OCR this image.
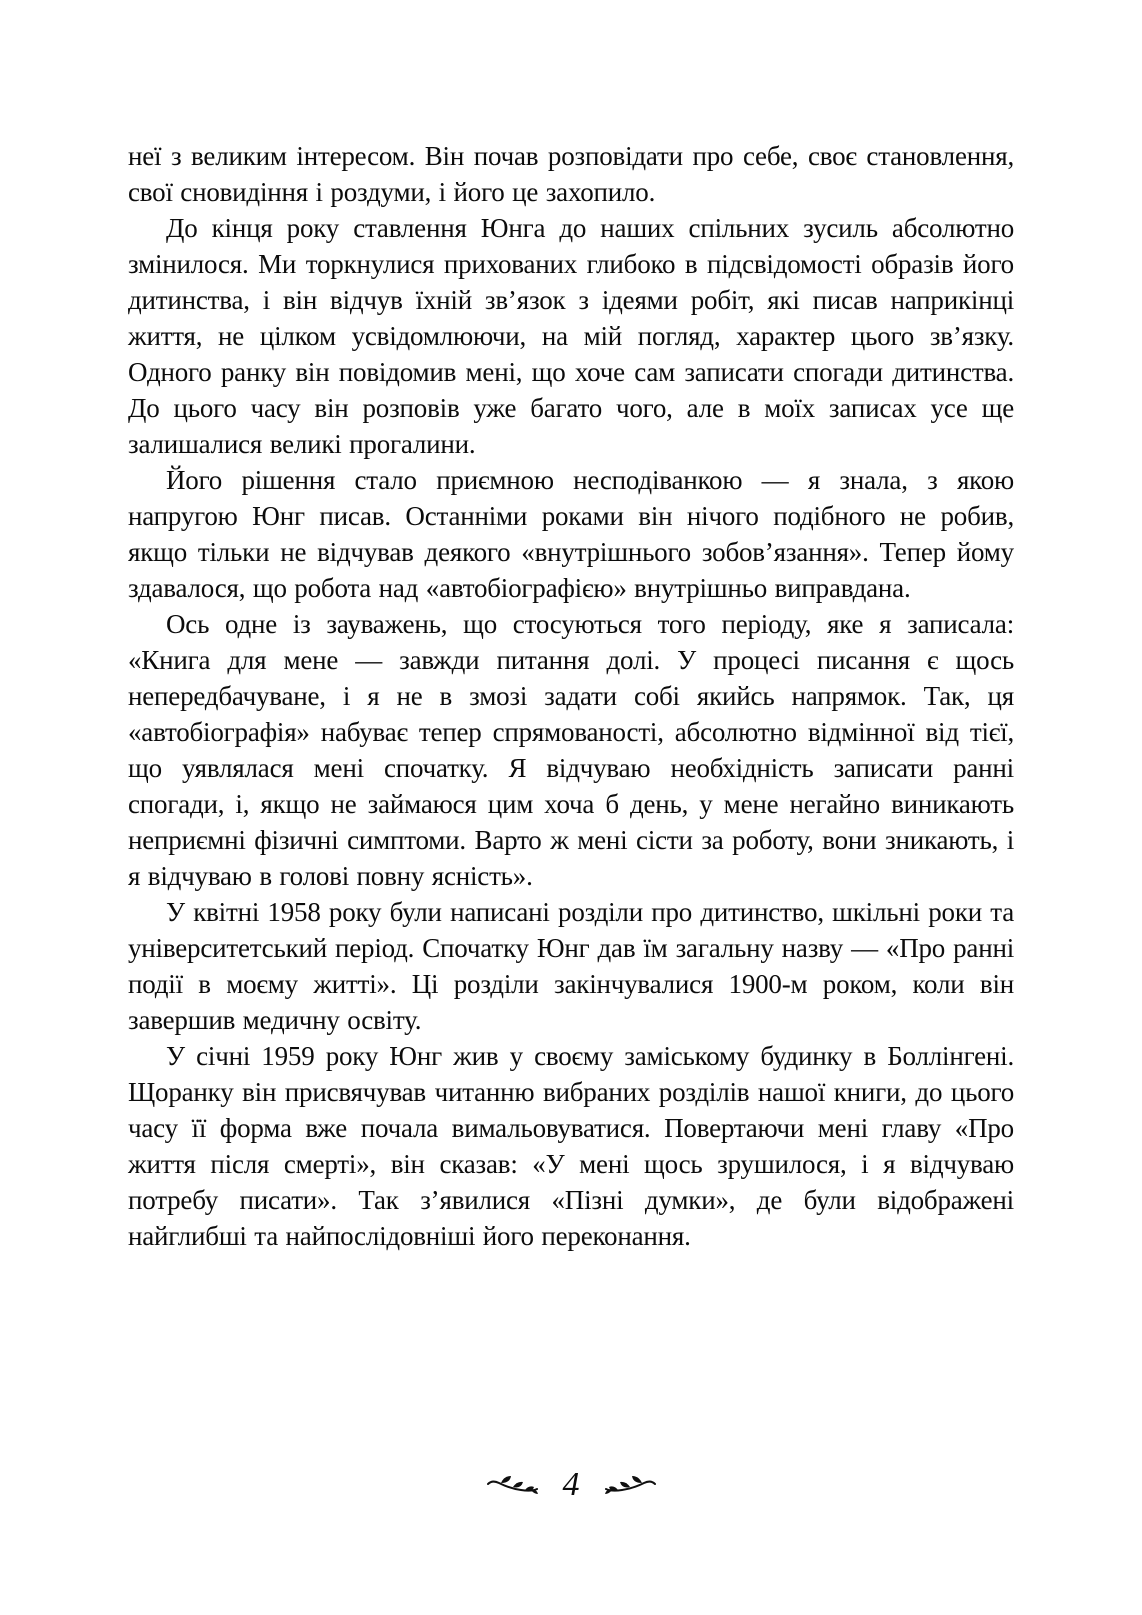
неї з великим інтересом. Він почав розповідати про себе, своє становлення, свої сновидіння і роздуми, і його це захопило.

До кінця року ставлення Юнга до наших спільних зусиль абсолютно змінилося. Ми торкнулися прихованих глибоко в підсвідомості образів його дитинства, і він відчув їхній зв’язок з ідеями робіт, які писав наприкінці життя, не цілком усвідомлюючи, на мій погляд, характер цього зв’язку. Одного ранку він повідомив мені, що хоче сам записати спогади дитинства. До цього часу він розповів уже багато чого, але в моїх записах усе ще залишалися великі прогалини.

Його рішення стало приємною несподіванкою — я знала, з якою напругою Юнг писав. Останніми роками він нічого подібного не робив, якщо тільки не відчував деякого «внутрішнього зобов’язання». Тепер йому здавалося, що робота над «автобіографією» внутрішньо виправдана.

Ось одне із зауважень, що стосуються того періоду, яке я записала: «Книга для мене — завжди питання долі. У процесі писання є щось непередбачуване, і я не в змозі задати собі якийсь напрямок. Так, ця «автобіографія» набуває тепер спрямованості, абсолютно відмінної від тієї, що уявлялася мені спочатку. Я відчуваю необхідність записати ранні спогади, і, якщо не займаюся цим хоча б день, у мене негайно виникають неприємні фізичні симптоми. Варто ж мені сісти за роботу, вони зникають, і я відчуваю в голові повну ясність».

У квітні 1958 року були написані розділи про дитинство, шкільні роки та університетський період. Спочатку Юнг дав їм загальну назву — «Про ранні події в моєму житті». Ці розділи закінчувалися 1900-м роком, коли він завершив медичну освіту.

У січні 1959 року Юнг жив у своєму заміському будинку в Боллінгені. Щоранку він присвячував читанню вибраних розділів нашої книги, до цього часу її форма вже почала вимальовуватися. Повертаючи мені главу «Про життя після смерті», він сказав: «У мені щось зрушилося, і я відчуваю потребу писати». Так з’явилися «Пізні думки», де були відображені найглибші та найпослідовніші його переконання.

4
